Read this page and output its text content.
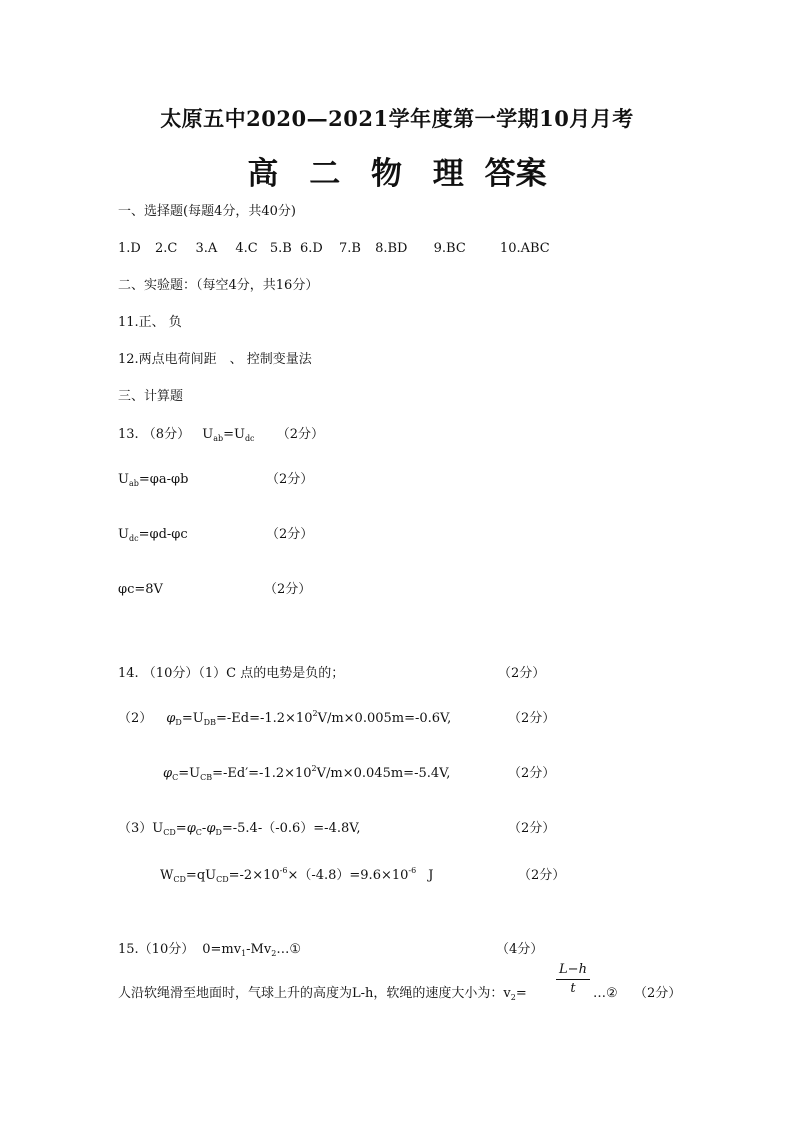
太原五中2020—2021学年度第一学期10月月考
高 二 物 理 答案
一、选择题(每题4分，共40分)
1.D 2.C 3.A 4.C 5.B 6.D 7.B 8.BD 9.BC	10.ABC
二、实验题：（每空4分，共16分）
11.正、 负
12.两点电荷间距　、 控制变量法
三、计算题
13. （8分） $U_{ab}=U_{dc}$ （2分）
$U_{ab}=\varphi a-\varphi b$	（2分）
$U_{dc}=\varphi d-\varphi c$	（2分）
φc=8V	（2分）
14. （10分）（1）C 点的电势是负的；	（2分）
（2） $\varphi_D=U_{DB}=-Ed=-1.2\times 10^2V/m\times 0.005m=-0.6V$,	（2分）
$\varphi_C=U_{CB}=-Ed'=-1.2\times 10^2V/m\times 0.045m=-5.4V$,	（2分）
$(3)U_{CD}=\varphi_C-\varphi_D=-5.4-(-0.6)=-4.8V$,	（2分）
$W_{CD}=qU_{CD}=-2\times 10^{-6}\times(-4.8)=9.6\times 10^{-6}$ J	（2分）
15.（10分） $0=mv_1-Mv_2\dots ①$	（4分）
人沿软绳滑至地面时，气球上升的高度为L-h，软绳的速度大小为：$v_2=$
L−h
t	…② （2分）
